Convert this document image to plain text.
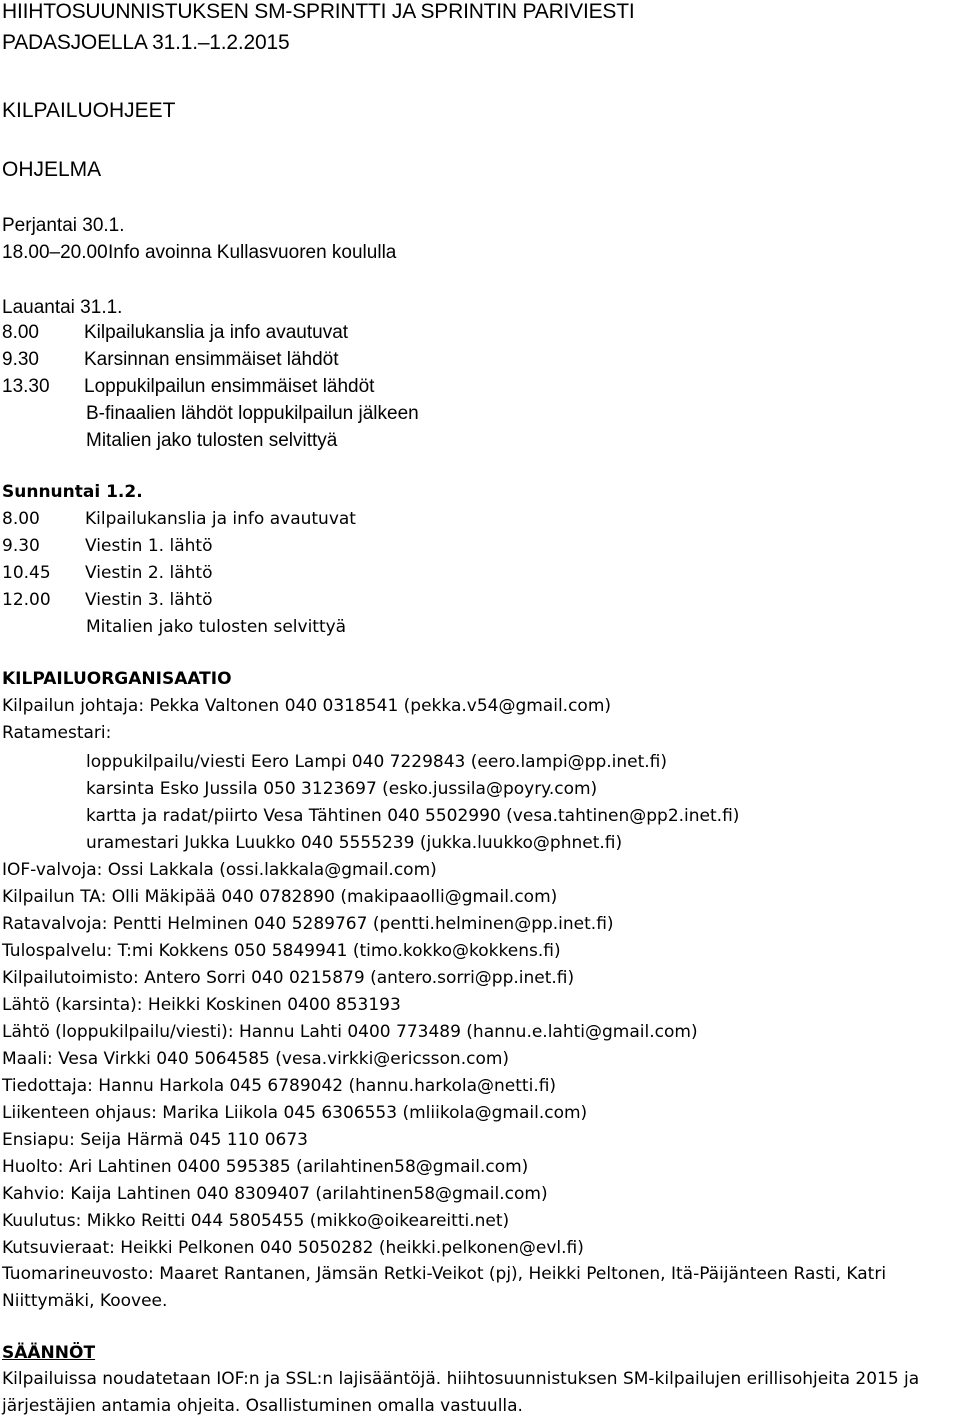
HIIHTOSUUNNISTUKSEN SM-SPRINTTI JA SPRINTIN PARIVIESTI
PADASJOELLA 31.1.–1.2.2015
KILPAILUOHJEET
OHJELMA
Perjantai 30.1.
18.00–20.00Info avoinna Kullasvuoren koululla
Lauantai 31.1.
8.00 Kilpailukanslia ja info avautuvat
9.30 Karsinnan ensimmäiset lähdöt
13.30 Loppukilpailun ensimmäiset lähdöt
B-finaalien lähdöt loppukilpailun jälkeen
Mitalien jako tulosten selvittyä
Sunnuntai 1.2.
8.00	Kilpailukanslia ja info avautuvat
9.30	Viestin 1. lähtö
10.45 Viestin 2. lähtö
12.00 Viestin 3. lähtö
Mitalien jako tulosten selvittyä
KILPAILUORGANISAATIO
Kilpailun johtaja: Pekka Valtonen 040 0318541 (pekka.v54@gmail.com)
Ratamestari:
loppukilpailu/viesti Eero Lampi 040 7229843 (eero.lampi@pp.inet.fi)
karsinta Esko Jussila 050 3123697 (esko.jussila@poyry.com)
kartta ja radat/piirto Vesa Tähtinen 040 5502990 (vesa.tahtinen@pp2.inet.fi)
uramestari Jukka Luukko 040 5555239 (jukka.luukko@phnet.fi)
IOF-valvoja: Ossi Lakkala (ossi.lakkala@gmail.com)
Kilpailun TA: Olli Mäkipää 040 0782890 (makipaaolli@gmail.com)
Ratavalvoja: Pentti Helminen 040 5289767 (pentti.helminen@pp.inet.fi)
Tulospalvelu: T:mi Kokkens 050 5849941 (timo.kokko@kokkens.fi)
Kilpailutoimisto: Antero Sorri 040 0215879 (antero.sorri@pp.inet.fi)
Lähtö (karsinta): Heikki Koskinen 0400 853193
Lähtö (loppukilpailu/viesti): Hannu Lahti 0400 773489 (hannu.e.lahti@gmail.com)
Maali: Vesa Virkki 040 5064585 (vesa.virkki@ericsson.com)
Tiedottaja: Hannu Harkola 045 6789042 (hannu.harkola@netti.fi)
Liikenteen ohjaus: Marika Liikola 045 6306553 (mliikola@gmail.com)
Ensiapu: Seija Härmä 045 110 0673
Huolto: Ari Lahtinen 0400 595385 (arilahtinen58@gmail.com)
Kahvio: Kaija Lahtinen 040 8309407 (arilahtinen58@gmail.com)
Kuulutus: Mikko Reitti 044 5805455 (mikko@oikeareitti.net)
Kutsuvieraat: Heikki Pelkonen 040 5050282 (heikki.pelkonen@evl.fi)
Tuomarineuvosto: Maaret Rantanen, Jämsän Retki-Veikot (pj), Heikki Peltonen, Itä-Päijänteen Rasti, Katri Niittymäki, Koovee.
SÄÄNNÖT
Kilpailuissa noudatetaan IOF:n ja SSL:n lajisääntöjä. hiihtosuunnistuksen SM-kilpailujen erillisohjeita 2015 ja järjestäjien antamia ohjeita. Osallistuminen omalla vastuulla.
